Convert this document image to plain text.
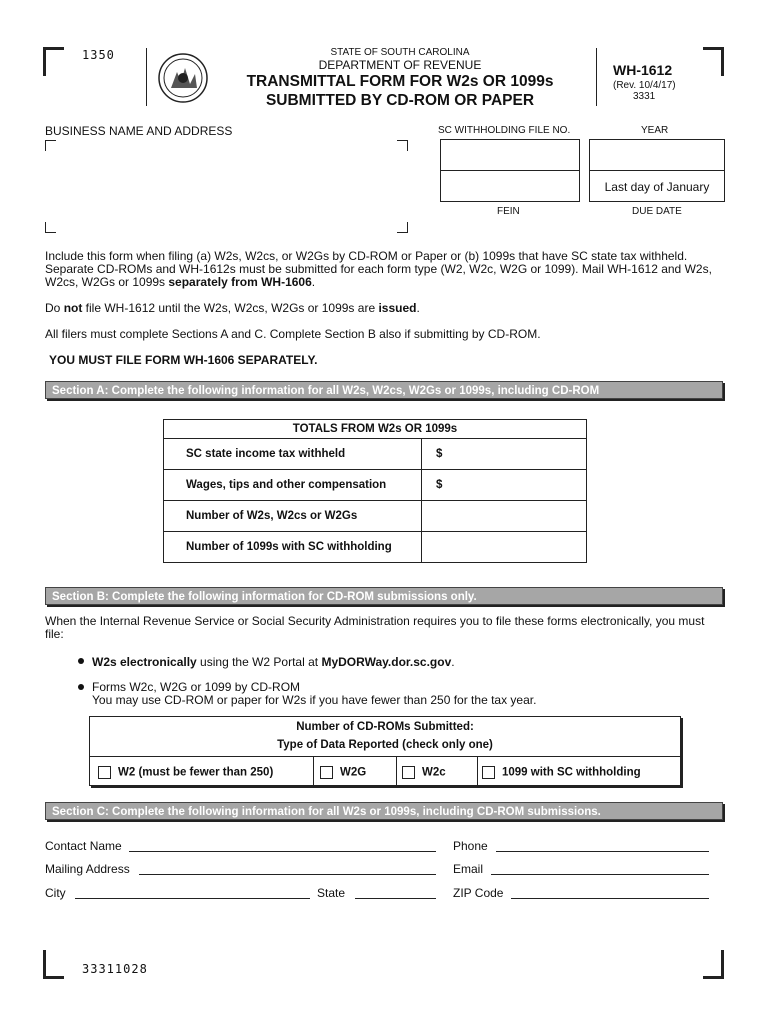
1350	STATE OF SOUTH CAROLINA
DEPARTMENT OF REVENUE
TRANSMITTAL FORM FOR W2s OR 1099s
SUBMITTED BY CD-ROM OR PAPER
WH-1612
(Rev. 10/4/17)
3331
BUSINESS NAME AND ADDRESS	SC WITHHOLDING FILE NO.	YEAR
Last day of January
FEIN	DUE DATE

Include this form when filing (a) W2s, W2cs, or W2Gs by CD-ROM or Paper or (b) 1099s that have SC state tax withheld. Separate CD-ROMs and WH-1612s must be submitted for each form type (W2, W2c, W2G or 1099). Mail WH-1612 and W2s, W2cs, W2Gs or 1099s separately from WH-1606.

Do not file WH-1612 until the W2s, W2cs, W2Gs or 1099s are issued.

All filers must complete Sections A and C. Complete Section B also if submitting by CD-ROM.

YOU MUST FILE FORM WH-1606 SEPARATELY.

Section A: Complete the following information for all W2s, W2cs, W2Gs or 1099s, including CD-ROM
TOTALS FROM W2s OR 1099s	
SC state income tax withheld	$
Wages, tips and other compensation	$
Number of W2s, W2cs or W2Gs	
Number of 1099s with SC withholding	
Section B: Complete the following information for CD-ROM submissions only.

When the Internal Revenue Service or Social Security Administration requires you to file these forms electronically, you must file:

W2s electronically using the W2 Portal at MyDORWay.dor.sc.gov.
Forms W2c, W2G or 1099 by CD-ROM
You may use CD-ROM or paper for W2s if you have fewer than 250 for the tax year.
Number of CD-ROMs Submitted:
Type of Data Reported (check only one)
W2 (must be fewer than 250)	W2G	W2c	1099 with SC withholding
Section C: Complete the following information for all W2s or 1099s, including CD-ROM submissions.
Contact Name	Phone
Mailing Address	Email
City	State	ZIP Code
33311028
